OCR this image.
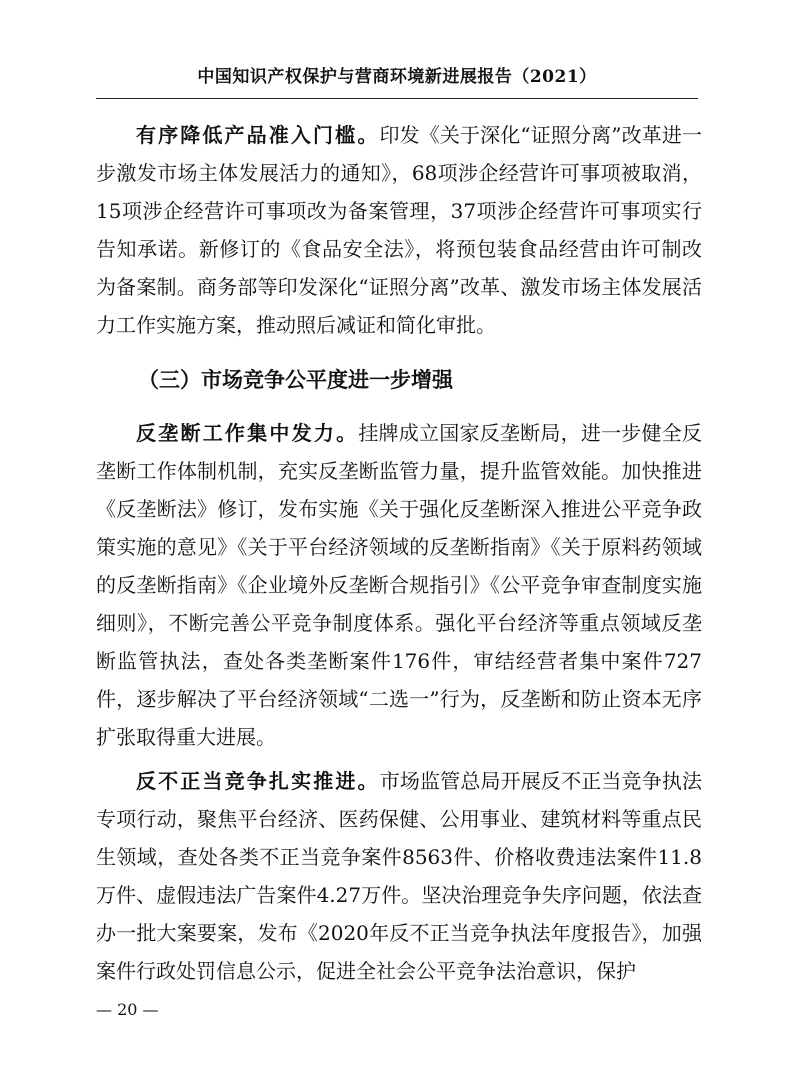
中国知识产权保护与营商环境新进展报告（2021）

有序降低产品准入门槛。印发《关于深化“证照分离”改革进一步激发市场主体发展活力的通知》，68项涉企经营许可事项被取消，15项涉企经营许可事项改为备案管理，37项涉企经营许可事项实行告知承诺。新修订的《食品安全法》，将预包装食品经营由许可制改为备案制。商务部等印发深化“证照分离”改革、激发市场主体发展活力工作实施方案，推动照后减证和简化审批。

（三）市场竞争公平度进一步增强

反垄断工作集中发力。挂牌成立国家反垄断局，进一步健全反垄断工作体制机制，充实反垄断监管力量，提升监管效能。加快推进《反垄断法》修订，发布实施《关于强化反垄断深入推进公平竞争政策实施的意见》《关于平台经济领域的反垄断指南》《关于原料药领域的反垄断指南》《企业境外反垄断合规指引》《公平竞争审查制度实施细则》，不断完善公平竞争制度体系。强化平台经济等重点领域反垄断监管执法，查处各类垄断案件176件，审结经营者集中案件727件，逐步解决了平台经济领域“二选一”行为，反垄断和防止资本无序扩张取得重大进展。

反不正当竞争扎实推进。市场监管总局开展反不正当竞争执法专项行动，聚焦平台经济、医药保健、公用事业、建筑材料等重点民生领域，查处各类不正当竞争案件8563件、价格收费违法案件11.8万件、虚假违法广告案件4.27万件。坚决治理竞争失序问题，依法查办一批大案要案，发布《2020年反不正当竞争执法年度报告》，加强案件行政处罚信息公示，促进全社会公平竞争法治意识，保护

— 20 —
